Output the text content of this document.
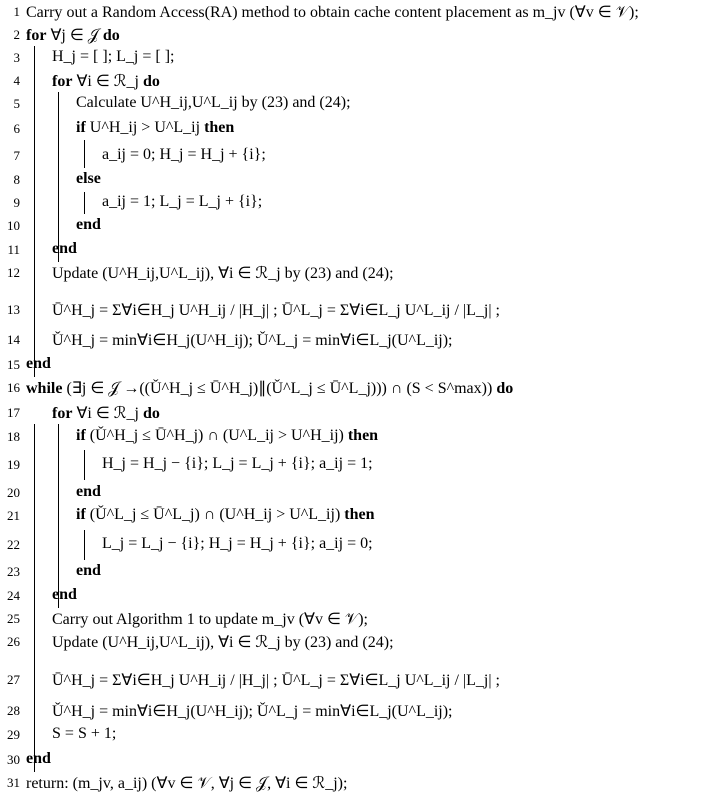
1 Carry out a Random Access(RA) method to obtain cache content placement as m_jv (∀v ∈ 𝒱);
2 for ∀j ∈ 𝒥 do
3 H_j = [ ]; L_j = [ ];
4 for ∀i ∈ ℛ_j do
5	Calculate U^H_ij,U^L_ij by (23) and (24);
6	if U^H_ij > U^L_ij then
7	a_ij = 0; H_j = H_j + {i};
8	else
9	a_ij = 1; L_j = L_j + {i};
10	end
11 end
12 Update (U^H_ij,U^L_ij), ∀i ∈ ℛ_j by (23) and (24);
13 Ū^H_j = Σ∀i∈H_j U^H_ij / |H_j| ; Ū^L_j = Σ∀i∈L_j U^L_ij / |L_j| ;
14 Ǔ^H_j = min∀i∈H_j(U^H_ij); Ǔ^L_j = min∀i∈L_j(U^L_ij);
15 end
16 while (∃j ∈ 𝒥 →((Ǔ^H_j ≤ Ū^H_j)∥(Ǔ^L_j ≤ Ū^L_j))) ∩ (S < S^max)) do
17 for ∀i ∈ ℛ_j do
18	if (Ǔ^H_j ≤ Ū^H_j) ∩ (U^L_ij > U^H_ij) then
19	H_j = H_j − {i}; L_j = L_j + {i}; a_ij = 1;
20	end
21	if (Ǔ^L_j ≤ Ū^L_j) ∩ (U^H_ij > U^L_ij) then
22	L_j = L_j − {i}; H_j = H_j + {i}; a_ij = 0;
23	end
24 end
25 Carry out Algorithm 1 to update m_jv (∀v ∈ 𝒱);
26 Update (U^H_ij,U^L_ij), ∀i ∈ ℛ_j by (23) and (24);
27 Ū^H_j = Σ∀i∈H_j U^H_ij / |H_j| ; Ū^L_j = Σ∀i∈L_j U^L_ij / |L_j| ;
28 Ǔ^H_j = min∀i∈H_j(U^H_ij); Ǔ^L_j = min∀i∈L_j(U^L_ij);
29 S = S + 1;
30 end
31 return: (m_jv, a_ij) (∀v ∈ 𝒱, ∀j ∈ 𝒥, ∀i ∈ ℛ_j);
